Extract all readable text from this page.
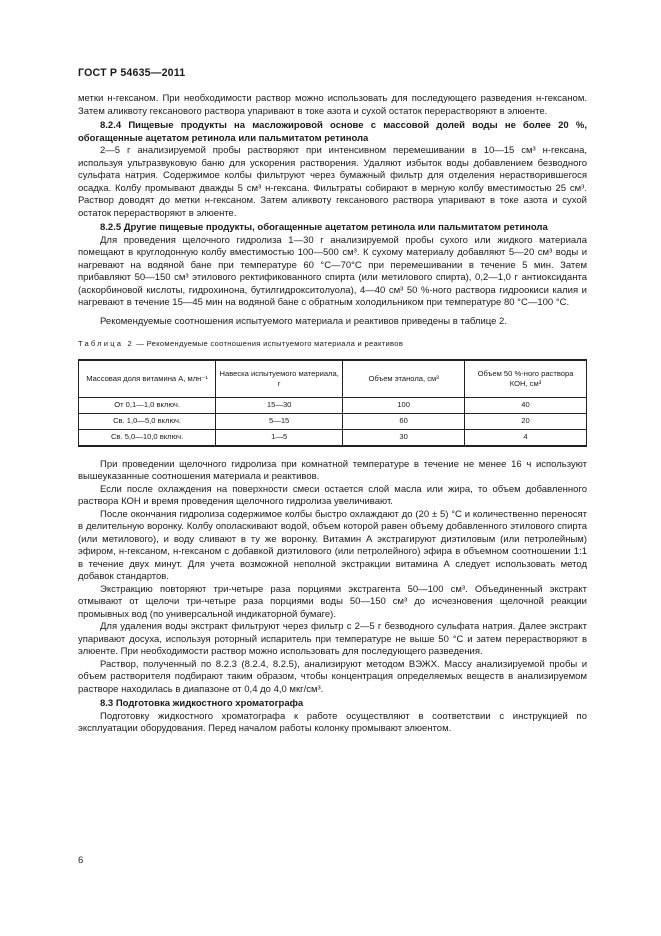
ГОСТ Р 54635—2011

метки н-гексаном. При необходимости раствор можно использовать для последующего разведения н-гексаном. Затем аликвоту гексанового раствора упаривают в токе азота и сухой остаток перерастворяют в элюенте.

8.2.4 Пищевые продукты на масложировой основе с массовой долей воды не более 20 %, обогащенные ацетатом ретинола или пальмитатом ретинола

2—5 г анализируемой пробы растворяют при интенсивном перемешивании в 10—15 см³ н-гексана, используя ультразвуковую баню для ускорения растворения. Удаляют избыток воды добавлением безводного сульфата натрия. Содержимое колбы фильтруют через бумажный фильтр для отделения нерастворившегося осадка. Колбу промывают дважды 5 см³ н-гексана. Фильтраты собирают в мерную колбу вместимостью 25 см³. Раствор доводят до метки н-гексаном. Затем аликвоту гексанового раствора упаривают в токе азота и сухой остаток перерастворяют в элюенте.

8.2.5 Другие пищевые продукты, обогащенные ацетатом ретинола или пальмитатом ретинола

Для проведения щелочного гидролиза 1—30 г анализируемой пробы сухого или жидкого материала помещают в круглодонную колбу вместимостью 100—500 см³. К сухому материалу добавляют 5—20 см³ воды и нагревают на водяной бане при температуре 60 °С—70°С при перемешивании в течение 5 мин. Затем прибавляют 50—150 см³ этилового ректификованного спирта (или метилового спирта), 0,2—1,0 г антиоксиданта (аскорбиновой кислоты, гидрохинона, бутилгидрокситолуола), 4—40 см³ 50 %-ного раствора гидроокиси калия и нагревают в течение 15—45 мин на водяной бане с обратным холодильником при температуре 80 °С—100 °С.

Рекомендуемые соотношения испытуемого материала и реактивов приведены в таблице 2.

Таблица 2 — Рекомендуемые соотношения испытуемого материала и реактивов
Массовая доля витамина А, млн⁻¹	Навеска испытуемого материала, г	Объем этанола, см³	Объем 50 %-ного раствора КОН, см³
От 0,1—1,0 включ.	15—30	100	40
Св. 1,0—5,0 включ.	5—15	60	20
Св. 5,0—10,0 включ.	1—5	30	4

При проведении щелочного гидролиза при комнатной температуре в течение не менее 16 ч используют вышеуказанные соотношения материала и реактивов.

Если после охлаждения на поверхности смеси остается слой масла или жира, то объем добавленного раствора КОН и время проведения щелочного гидролиза увеличивают.

После окончания гидролиза содержимое колбы быстро охлаждают до (20 ± 5) °С и количественно переносят в делительную воронку. Колбу ополаскивают водой, объем которой равен объему добавленного этилового спирта (или метилового), и воду сливают в ту же воронку. Витамин А экстрагируют диэтиловым (или петролейным) эфиром, н-гексаном, н-гексаном с добавкой диэтилового (или петролейного) эфира в объемном соотношении 1:1 в течение двух минут. Для учета возможной неполной экстракции витамина А следует использовать метод добавок стандартов.

Экстракцию повторяют три-четыре раза порциями экстрагента 50—100 см³. Объединенный экстракт отмывают от щелочи три-четыре раза порциями воды 50—150 см³ до исчезновения щелочной реакции промывных вод (по универсальной индикаторной бумаге).

Для удаления воды экстракт фильтруют через фильтр с 2—5 г безводного сульфата натрия. Далее экстракт упаривают досуха, используя роторный испаритель при температуре не выше 50 °С и затем перерастворяют в элюенте. При необходимости раствор можно использовать для последующего разведения.

Раствор, полученный по 8.2.3 (8.2.4, 8.2.5), анализируют методом ВЭЖХ. Массу анализируемой пробы и объем растворителя подбирают таким образом, чтобы концентрация определяемых веществ в анализируемом растворе находилась в диапазоне от 0,4 до 4,0 мкг/см³.

8.3 Подготовка жидкостного хроматографа

Подготовку жидкостного хроматографа к работе осуществляют в соответствии с инструкцией по эксплуатации оборудования. Перед началом работы колонку промывают элюентом.

6
